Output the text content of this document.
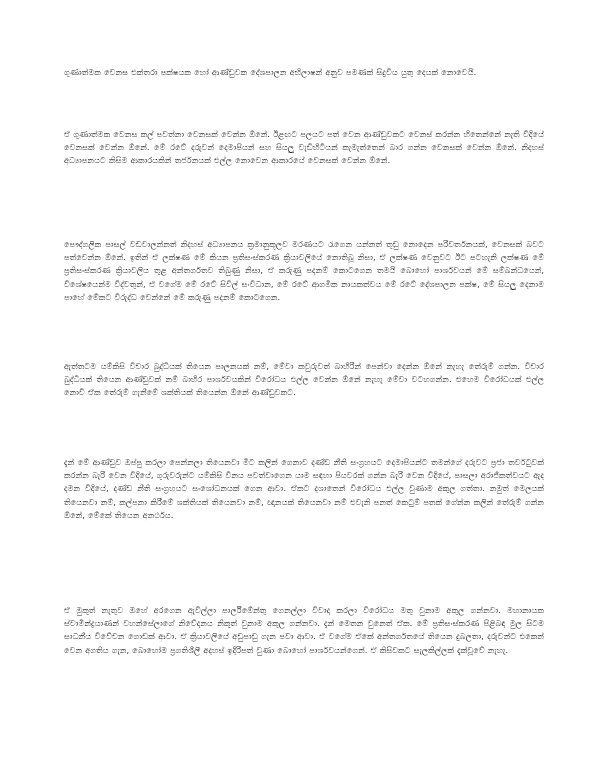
ගුණාත්මක වෙනස එක්තරා පක්ෂයක හෝ ආණ්ඩුවක දේශපාලන අභිලාෂන් අනුව පමණක් සිදුවිය යුතු දෙයක් නොවෙයි.

ඒ ගුණාත්මක වෙනස කල් පවත්නා වෙනසක් වෙන්න ඕනේ. ඊළඟට පලයට පත් වෙන ආණ්ඩුවකට වෙනස් කරන්න හිතෙන්නේ නැති විදියේ වෙනසක් වෙන්න ඕනේ. මේ රටේ දරුවන් දෙමාපියන් සහ සියලු වැඩිහිටියන් කැමැත්තෙන් බාර ගන්න වෙනසක් වෙන්න ඕනේ. නිදහස් අධ්‍යාපනයට කිසිම ආකාරයකින් තර්ජනයක් එල්ල නොවෙන ආකාරයේ වෙනසක් වෙන්න ඕනේ.

පෞද්ගලික පාසල් වඩවාලන්නත් නිදහස් අධ්‍යාපනය ක්‍රමානුකූලව මරණයට රැගෙන යන්නත් තුඩු නොදෙන පරිවර්තනයක්, වෙනසක් බවට පත්වෙන්න ඕනේ. ඉතින් ඒ ලක්ෂණ මේ කියන ප්‍රතිසංස්කරණ ක්‍රියාවලියේ නොතිබූ නිසා, ඒ ලක්ෂණ වෙනුවට ඊට පටහැනි ලක්ෂණ මේ ප්‍රතිසංස්කරණ ක්‍රියාවලිය තුළ අන්තර්ගතව තිබුණු නිසා, ඒ කරුණු පදනම් කොටගෙන තමයි බොහෝ පාර්ශවයන් මේ සම්බන්ධයෙන්, විශේෂයෙන්ම විද්වතුන්, ඒ වගේම මේ රටේ සිවිල් සංවිධාන, මේ රටේ ආගමික නායකත්වය මේ රටේ දේශපාලන පක්ෂ, මේ සියලු දෙනාම පාහේ මේකට විරුද්ධ වෙන්නේ මේ කරුණු පදනම් කොටගෙන.

ඇත්තටම යම්කිසි විචාර බුද්ධියක් තියෙන පාලනයක් නම්, මේවා කවුරුවත් බාහිරින් පෙන්වා දෙන්න ඕනේ නැහැ තේරුම් ගන්න. විචාර බුද්ධියක් තියෙන ආණ්ඩුවක් නම් බාහිර පාර්ශවයකින් විරෝධය එල්ල වෙන්න ඕනේ නැහැ මේවා වටහගන්න. එහෙම විරෝධයක් එල්ල නොවී ඒක තේරුම් ගැනීමේ ශක්තියක් තියෙන්න ඕනේ ආණ්ඩුවකට.

දැන් මේ ආණ්ඩුව ඔප්පු කරලා පෙන්නලා තියෙනවා මීට කලින් ගෙනාව දණ්ඩ නීති සංග්‍රහයට දෙමාපියන්ට තමන්ගේ දරුවට ප්‍රජා තර්වටුවක් කරන්න බැරි වෙන විදියේ, ගුරුවරුන්ට යම්කිසි විනය පවත්වාගෙන යාම සඳහා පියවරක් ගන්න බැරි වෙන විදියේ, පාසලා අරාජිකත්වයට ඇද දමන විදියේ, දණ්ඩ නීති සංග්‍රහයට සංශෝධනයක් ගෙන ආවා. ඒකට දශාතෙන් විරෝධය එල්ල වුණාම අකුල ගත්තා. නමුත් මෙලයක් තියෙනවා නම්, කල්පනා කිරීමේ ශක්තියක් තියෙනවා නම්, ඥානයක් තියෙනවා නම් එවැනි පනත් කෙටුම් පතක් ගේන්න කලින් තේරුම් ගන්න ඕනේ, මේකේ තියෙන අනර්ථය.

ඒ මුකුත් නැතුව ඔහේ අරගෙන ඇවිල්ලා පාර්ලිමේන්තු ගෙනල්ලා විවාද කරලා විරෝධය මතු වුනාම අකුල ගන්නවා. මහානායක ස්වාමීන්ද්‍රයාණන් වහන්සේලාගේ නිවේදනය නිකුත් වුනාම අකුල ගන්නවා. දැන් මෙතන වුනෙත් ඒක. මේ ප්‍රතිසංස්කරණ පිළිබඳ මුල සිටම සාධනීය විවේචන ගොඩක් ආවා. ඒ ක්‍රියාවලියේ අඩුපාඩු ගැන පවා ආවා. ඒ වගේම ඒකේ අන්තර්ගතයේ තියෙන දුබලතා, දරුවන්ට එකෙන් වෙන අගතිය ගැන, බොහෝම ප්‍රගතිශීලී අදහස් ඉදිරිපත් වුණා බොහෝ පාර්ශවයන්ගෙන්. ඒ කිසිවකට සැලකිල්ලක් දැක්වූවේ නැහැ.
